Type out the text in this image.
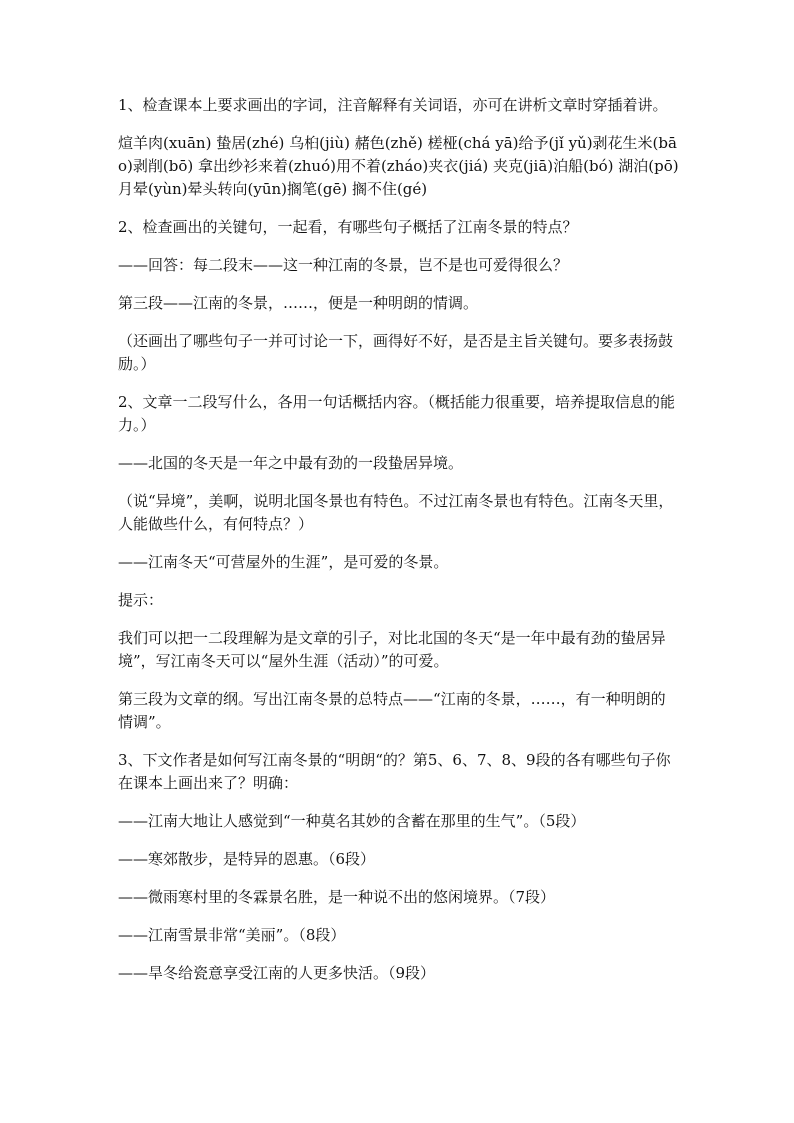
1、检查课本上要求画出的字词，注音解释有关词语，亦可在讲析文章时穿插着讲。

煊羊肉(xuān) 蛰居(zhé) 乌桕(jiù) 赭色(zhě) 槎桠(chá yā)给予(jǐ yǔ)剥花生米(bāo)剥削(bō) 拿出纱衫来着(zhuó)用不着(zháo)夹衣(jiá) 夹克(jiā)泊船(bó) 湖泊(pō) 月晕(yùn)晕头转向(yūn)搁笔(gē) 搁不住(gé)

2、检查画出的关键句，一起看，有哪些句子概括了江南冬景的特点？

——回答：每二段末——这一种江南的冬景，岂不是也可爱得很么？

第三段——江南的冬景，……，便是一种明朗的情调。

（还画出了哪些句子一并可讨论一下，画得好不好，是否是主旨关键句。要多表扬鼓励。）

2、文章一二段写什么，各用一句话概括内容。（概括能力很重要，培养提取信息的能力。）

——北国的冬天是一年之中最有劲的一段蛰居异境。

（说“异境”，美啊，说明北国冬景也有特色。不过江南冬景也有特色。江南冬天里，人能做些什么，有何特点？）

——江南冬天“可营屋外的生涯”，是可爱的冬景。

提示：

我们可以把一二段理解为是文章的引子，对比北国的冬天“是一年中最有劲的蛰居异境”，写江南冬天可以“屋外生涯（活动）”的可爱。

第三段为文章的纲。写出江南冬景的总特点——“江南的冬景，……，有一种明朗的情调”。

3、下文作者是如何写江南冬景的“明朗“的？第5、6、7、8、9段的各有哪些句子你在课本上画出来了？明确：

——江南大地让人感觉到“一种莫名其妙的含蓄在那里的生气”。（5段）

——寒郊散步，是特异的恩惠。（6段）

——微雨寒村里的冬霖景名胜，是一种说不出的悠闲境界。（7段）

——江南雪景非常“美丽”。（8段）

——旱冬给瓷意享受江南的人更多快活。（9段）
